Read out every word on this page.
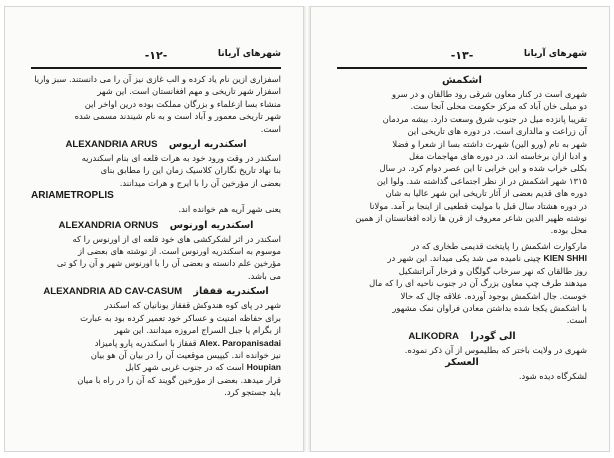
-۱۲-	شهرهای آریانا

اسفزاری ازین نام یاد کرده و الب غازی نیز آن را می دانستند. سبز واریا

اسفزار شهر تاریخی و مهم افغانستان است. این شهر

منشاء بسا ازعلماء و بزرگان مملکت بوده درین اواخر این

شهر تاریخی معمور و آباد است و به نام شیندند مسمی شده

است.

اسکندریه اریوس ALEXANDRIA ARUS

اسکندر در وقت ورود خود به هرات قلعه ای بنام اسکندریه

بنا نهاد تاریخ نگاران کلاسیک زمان این را مطابق بنای

بعضی از مؤرخین آن را با ایرج و هرات میدانند.

ARIAMETROPLIS

یعنی شهر آریه هم خوانده اند.

اسکندریه اورنوس ALEXANDRIA ORNUS

اسکندر در اثر لشکرکشی های خود قلعه ای از اورنوس را که

موسوم به اسکندریه اورنوس است. از نوشته های بعضی از

مؤرخین علم دانسته و بعضی آن را با اورنوس شهر و آن را کو تی

می باشد.

اسکندریه قفقاز ALEXANDRIA AD CAV-CASUM

شهر در پای کوه هندوکش قفقاز یونانیان که اسکندر

برای حفاظه امنیت و عساکر خود تعمیر کرده بود به عبارت

از بگرام یا جبل السراج امروزه میدانند. این شهر

Alex. Paropanisadai قفقاز با اسکندریه پارو پامیزاد

نیز خوانده اند. کیپیس موقعیت آن را در بیان آن هو بیان

Houpian است که در جنوب غربی شهر کابل

قرار میدهد. بعضی از مؤرخین گویند که آن را در راه با میان

باید جستجو کرد.

-۱۳-	شهرهای آریانا

اشکمش

شهری است در کنار معاون شرقی رود طالقان و در سرو

دو میلی خان آباد که مرکز حکومت محلی آنجا ست.

تقریبا پانزده میل در جنوب شرق وسعت دارد. بیشه مردمان

آن زراعت و مالداری است. در دوره های تاریخی این

شهر به نام (ورو الین) شهرت داشته بسا از شعرا و فضلا

و ادبا ازان برخاسته اند. در دوره های مهاجمات مغل

بکلی خراب شده و این خرابی تا این عصر دوام کرد. در سال

۱۳۱۵ شهر اشکمش در از نظر اجتماعی گذاشته شد. ولوا این

دوره های قدیم بعضی از آثار تاریخی این شهر عالیا به شان

در دوره هشتاد سال قبل با مولیت قطعیی از اینجا بر آمد. مولانا

نوشته ظهیر الدین شاعر معروف از قرن ها زاده افغانستان از همین

محل بوده.

مارکوارت اشکمش را پایتخت قدیمی طخاری که در

KIEN SHHI چینی نامیده می شد یکی میداند. این شهر در

روز طالقان که نهر سرخاب گولگان و فرخار آنراتشکیل

میدهند طرف چپ معاون بزرگ آن در جنوب ناحیه ای را که مال

خوست. جال اشکمش بوجود آورده. علاقه چال که حالا

با اشکمش یکجا شده بداشتن معادن فراوان نمک مشهور

است.

الی گودرا ALIKODRA

شهری در ولایت باختر که بطلیموس از آن ذکر نموده.

العسکر

لشکرگاه دیده شود.
